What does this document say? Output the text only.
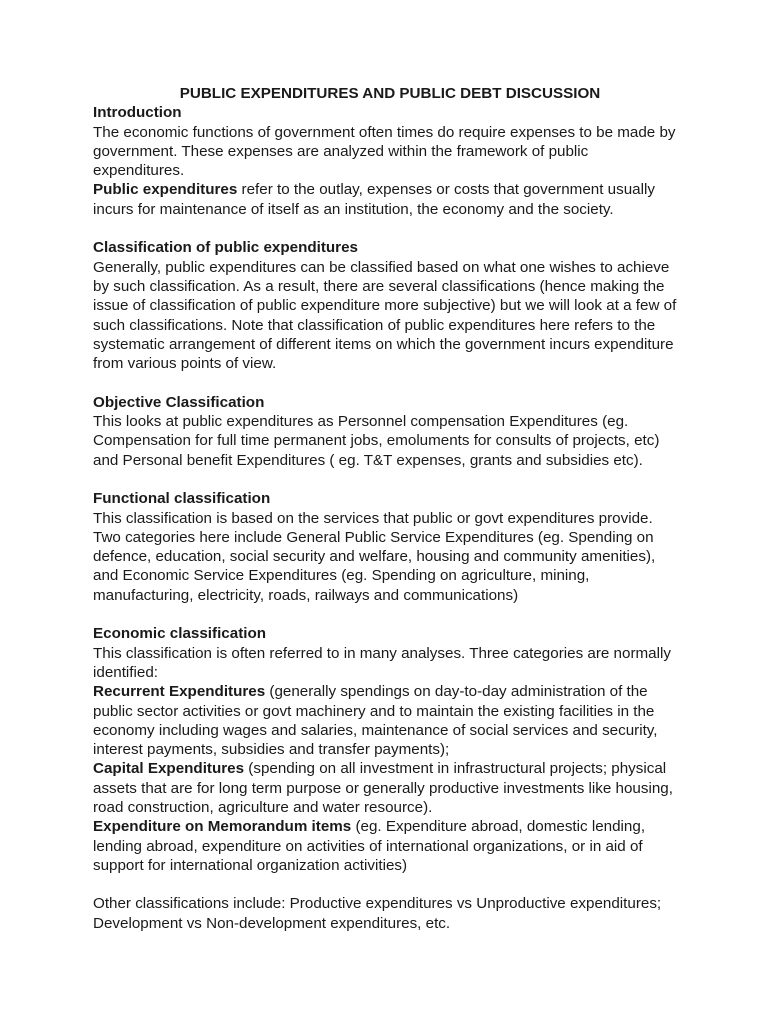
PUBLIC EXPENDITURES AND PUBLIC DEBT DISCUSSION

Introduction

The economic functions of government often times do require expenses to be made by government. These expenses are analyzed within the framework of public expenditures.

Public expenditures refer to the outlay, expenses or costs that government usually incurs for maintenance of itself as an institution, the economy and the society.

Classification of public expenditures

Generally, public expenditures can be classified based on what one wishes to achieve by such classification. As a result, there are several classifications (hence making the issue of classification of public expenditure more subjective) but we will look at a few of such classifications. Note that classification of public expenditures here refers to the systematic arrangement of different items on which the government incurs expenditure from various points of view.

Objective Classification

This looks at public expenditures as Personnel compensation Expenditures (eg. Compensation for full time permanent jobs, emoluments for consults of projects, etc) and Personal benefit Expenditures ( eg. T&T expenses, grants and subsidies etc).

Functional classification

This classification is based on the services that public or govt expenditures provide. Two categories here include General Public Service Expenditures (eg. Spending on defence, education, social security and welfare, housing and community amenities), and Economic Service Expenditures (eg. Spending on agriculture, mining, manufacturing, electricity, roads, railways and communications)

Economic classification

This classification is often referred to in many analyses. Three categories are normally identified:

Recurrent Expenditures (generally spendings on day-to-day administration of the public sector activities or govt machinery and to maintain the existing facilities in the economy including wages and salaries, maintenance of social services and security, interest payments, subsidies and transfer payments);

Capital Expenditures (spending on all investment in infrastructural projects; physical assets that are for long term purpose or generally productive investments like housing, road construction, agriculture and water resource).

Expenditure on Memorandum items (eg. Expenditure abroad, domestic lending, lending abroad, expenditure on activities of international organizations, or in aid of support for international organization activities)

Other classifications include: Productive expenditures vs Unproductive expenditures; Development vs Non-development expenditures, etc.
